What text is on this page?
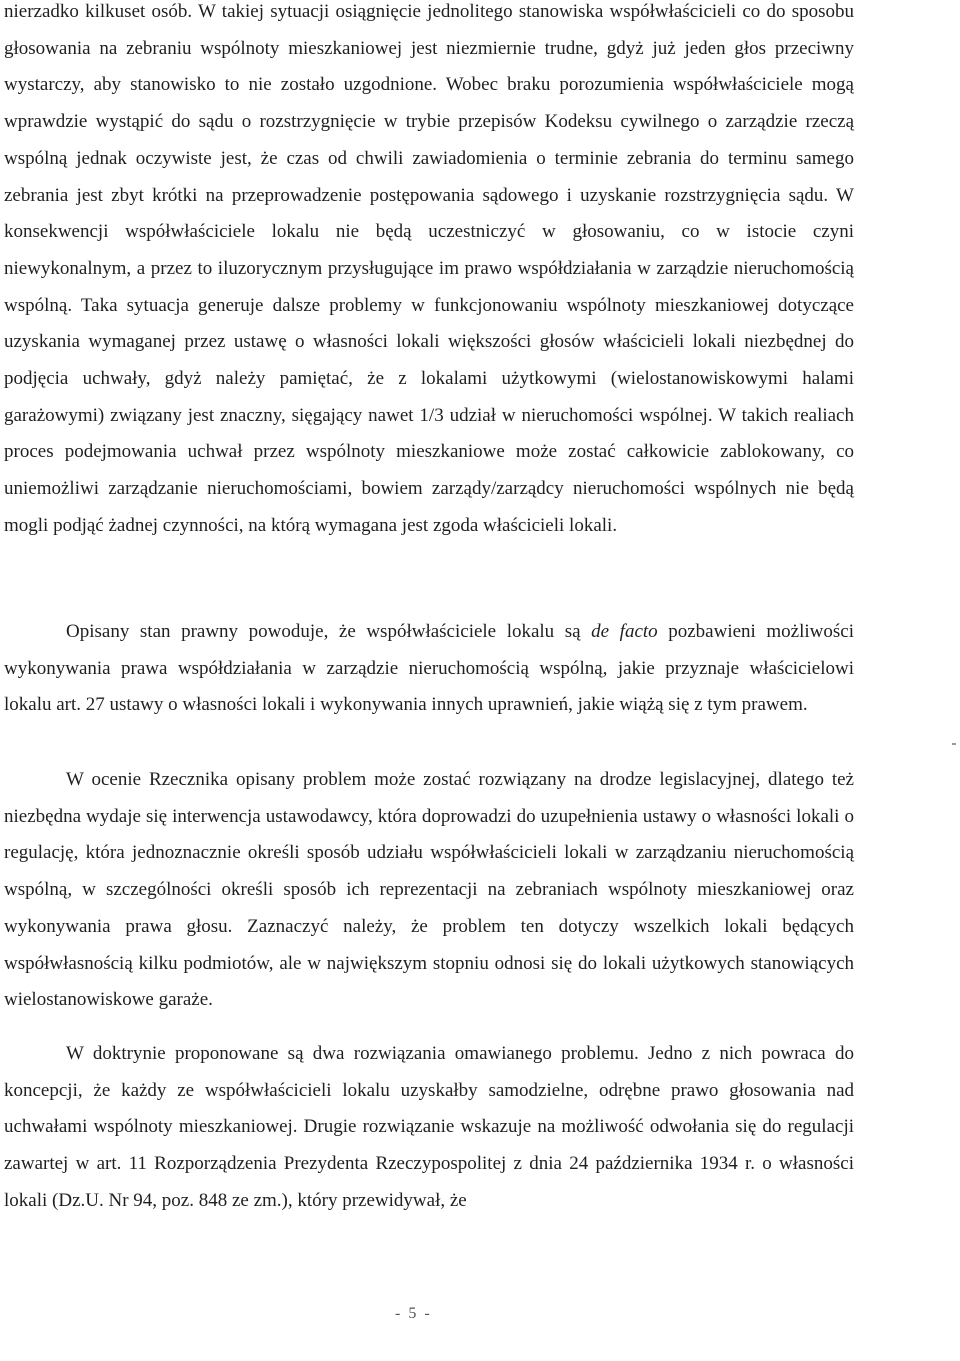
nierzadko kilkuset osób. W takiej sytuacji osiągnięcie jednolitego stanowiska współwłaścicieli co do sposobu głosowania na zebraniu wspólnoty mieszkaniowej jest niezmiernie trudne, gdyż już jeden głos przeciwny wystarczy, aby stanowisko to nie zostało uzgodnione. Wobec braku porozumienia współwłaściciele mogą wprawdzie wystąpić do sądu o rozstrzygnięcie w trybie przepisów Kodeksu cywilnego o zarządzie rzeczą wspólną jednak oczywiste jest, że czas od chwili zawiadomienia o terminie zebrania do terminu samego zebrania jest zbyt krótki na przeprowadzenie postępowania sądowego i uzyskanie rozstrzygnięcia sądu. W konsekwencji współwłaściciele lokalu nie będą uczestniczyć w głosowaniu, co w istocie czyni niewykonalnym, a przez to iluzorycznym przysługujące im prawo współdziałania w zarządzie nieruchomością wspólną. Taka sytuacja generuje dalsze problemy w funkcjonowaniu wspólnoty mieszkaniowej dotyczące uzyskania wymaganej przez ustawę o własności lokali większości głosów właścicieli lokali niezbędnej do podjęcia uchwały, gdyż należy pamiętać, że z lokalami użytkowymi (wielostanowiskowymi halami garażowymi) związany jest znaczny, sięgający nawet 1/3 udział w nieruchomości wspólnej. W takich realiach proces podejmowania uchwał przez wspólnoty mieszkaniowe może zostać całkowicie zablokowany, co uniemożliwi zarządzanie nieruchomościami, bowiem zarządy/zarządcy nieruchomości wspólnych nie będą mogli podjąć żadnej czynności, na którą wymagana jest zgoda właścicieli lokali.

Opisany stan prawny powoduje, że współwłaściciele lokalu są de facto pozbawieni możliwości wykonywania prawa współdziałania w zarządzie nieruchomością wspólną, jakie przyznaje właścicielowi lokalu art. 27 ustawy o własności lokali i wykonywania innych uprawnień, jakie wiążą się z tym prawem.

W ocenie Rzecznika opisany problem może zostać rozwiązany na drodze legislacyjnej, dlatego też niezbędna wydaje się interwencja ustawodawcy, która doprowadzi do uzupełnienia ustawy o własności lokali o regulację, która jednoznacznie określi sposób udziału współwłaścicieli lokali w zarządzaniu nieruchomością wspólną, w szczególności określi sposób ich reprezentacji na zebraniach wspólnoty mieszkaniowej oraz wykonywania prawa głosu. Zaznaczyć należy, że problem ten dotyczy wszelkich lokali będących współwłasnością kilku podmiotów, ale w największym stopniu odnosi się do lokali użytkowych stanowiących wielostanowiskowe garaże.

W doktrynie proponowane są dwa rozwiązania omawianego problemu. Jedno z nich powraca do koncepcji, że każdy ze współwłaścicieli lokalu uzyskałby samodzielne, odrębne prawo głosowania nad uchwałami wspólnoty mieszkaniowej. Drugie rozwiązanie wskazuje na możliwość odwołania się do regulacji zawartej w art. 11 Rozporządzenia Prezydenta Rzeczypospolitej z dnia 24 października 1934 r. o własności lokali (Dz.U. Nr 94, poz. 848 ze zm.), który przewidywał, że

- 5 -
